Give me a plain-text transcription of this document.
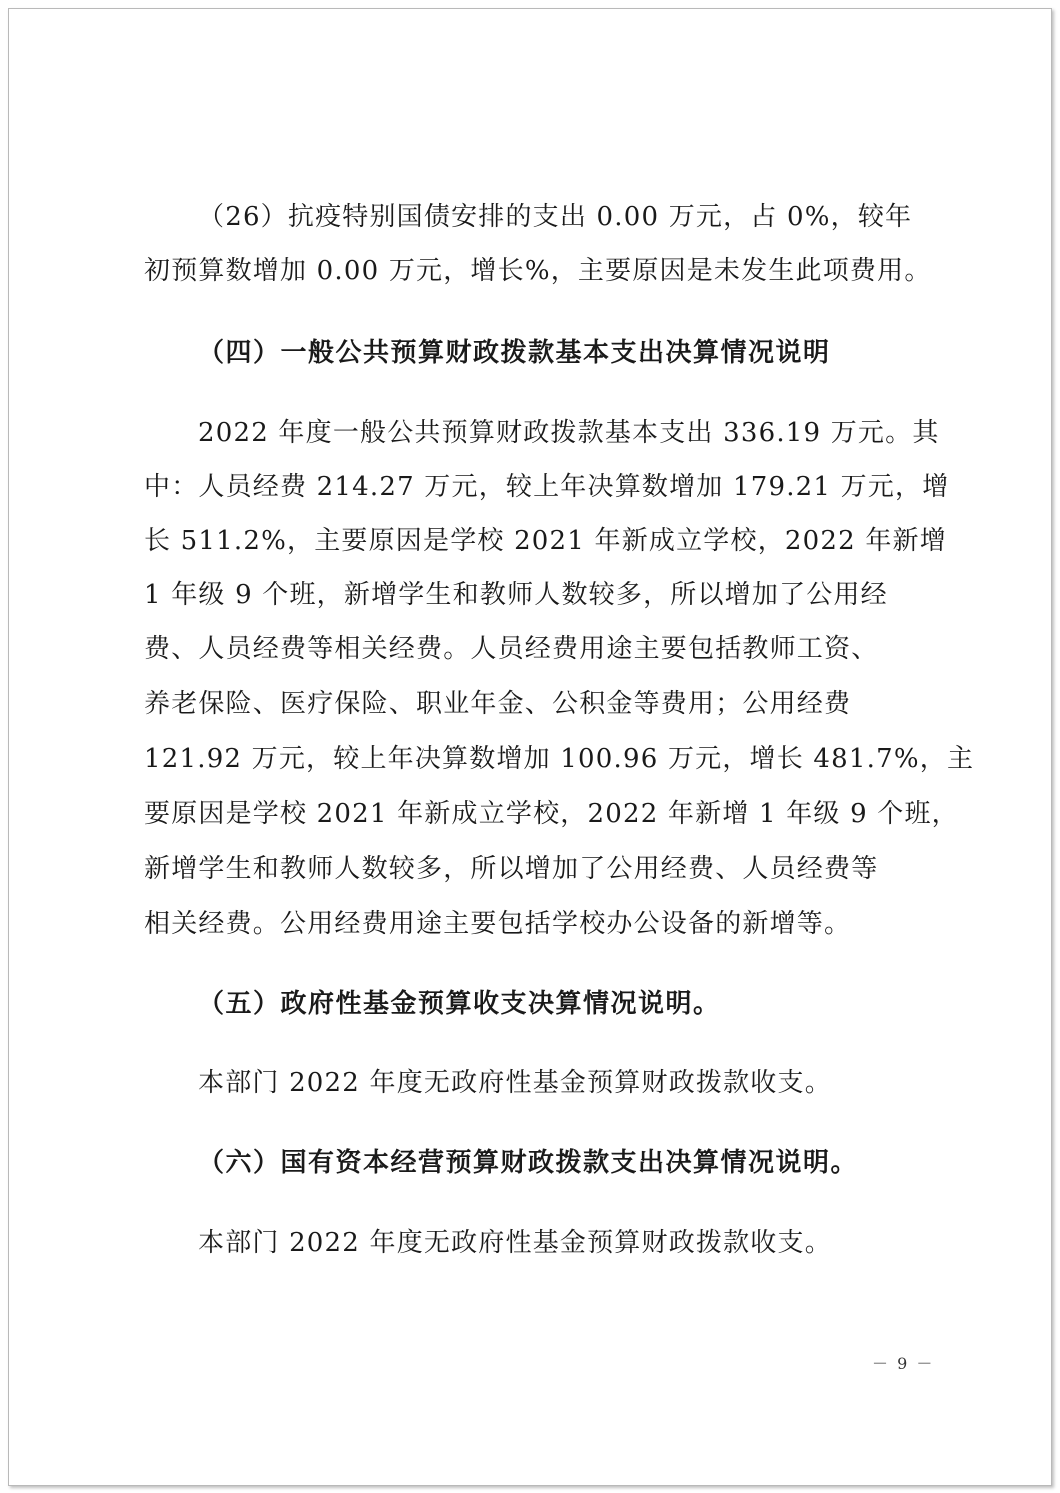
（26）抗疫特别国债安排的支出 0.00 万元，占 0%，较年
初预算数增加 0.00 万元，增长%，主要原因是未发生此项费用。
（四）一般公共预算财政拨款基本支出决算情况说明
2022 年度一般公共预算财政拨款基本支出 336.19 万元。其
中：人员经费 214.27 万元，较上年决算数增加 179.21 万元，增
长 511.2%，主要原因是学校 2021 年新成立学校，2022 年新增
1 年级 9 个班，新增学生和教师人数较多，所以增加了公用经
费、人员经费等相关经费。人员经费用途主要包括教师工资、
养老保险、医疗保险、职业年金、公积金等费用；公用经费
121.92 万元，较上年决算数增加 100.96 万元，增长 481.7%，主
要原因是学校 2021 年新成立学校，2022 年新增 1 年级 9 个班，
新增学生和教师人数较多，所以增加了公用经费、人员经费等
相关经费。公用经费用途主要包括学校办公设备的新增等。
（五）政府性基金预算收支决算情况说明。
本部门 2022 年度无政府性基金预算财政拨款收支。
（六）国有资本经营预算财政拨款支出决算情况说明。
本部门 2022 年度无政府性基金预算财政拨款收支。
－ 9 －
